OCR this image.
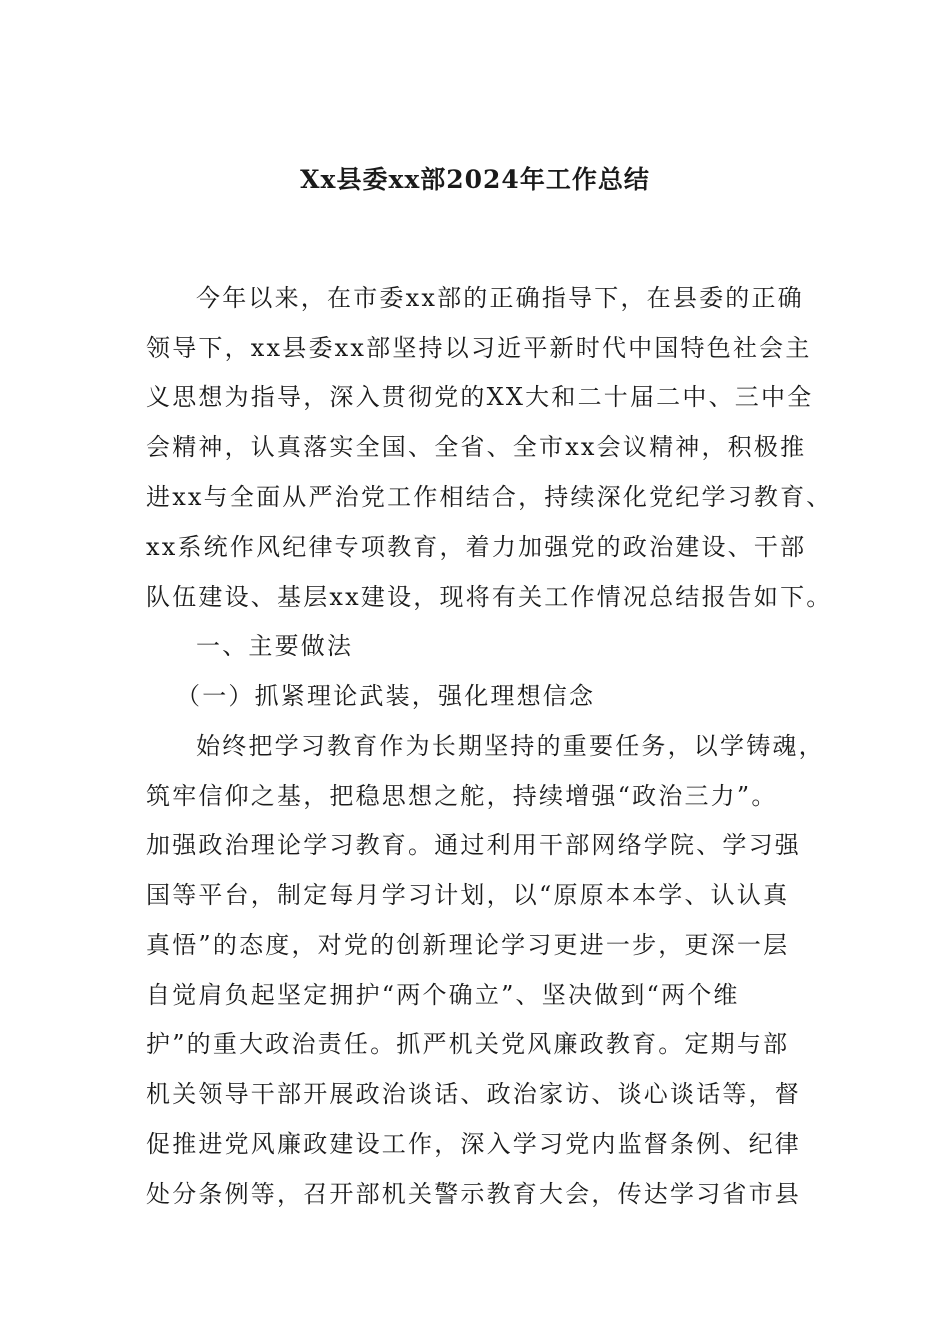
Xx县委xx部2024年工作总结
今年以来，在市委xx部的正确指导下，在县委的正确
领导下，xx县委xx部坚持以习近平新时代中国特色社会主
义思想为指导，深入贯彻党的XX大和二十届二中、三中全
会精神，认真落实全国、全省、全市xx会议精神，积极推
进xx与全面从严治党工作相结合，持续深化党纪学习教育、
xx系统作风纪律专项教育，着力加强党的政治建设、干部
队伍建设、基层xx建设，现将有关工作情况总结报告如下。
一、主要做法
（一）抓紧理论武装，强化理想信念
始终把学习教育作为长期坚持的重要任务，以学铸魂，
筑牢信仰之基，把稳思想之舵，持续增强“政治三力”。
加强政治理论学习教育。通过利用干部网络学院、学习强
国等平台，制定每月学习计划，以“原原本本学、认认真
真悟”的态度，对党的创新理论学习更进一步，更深一层
自觉肩负起坚定拥护“两个确立”、坚决做到“两个维
护”的重大政治责任。抓严机关党风廉政教育。定期与部
机关领导干部开展政治谈话、政治家访、谈心谈话等，督
促推进党风廉政建设工作，深入学习党内监督条例、纪律
处分条例等，召开部机关警示教育大会，传达学习省市县
